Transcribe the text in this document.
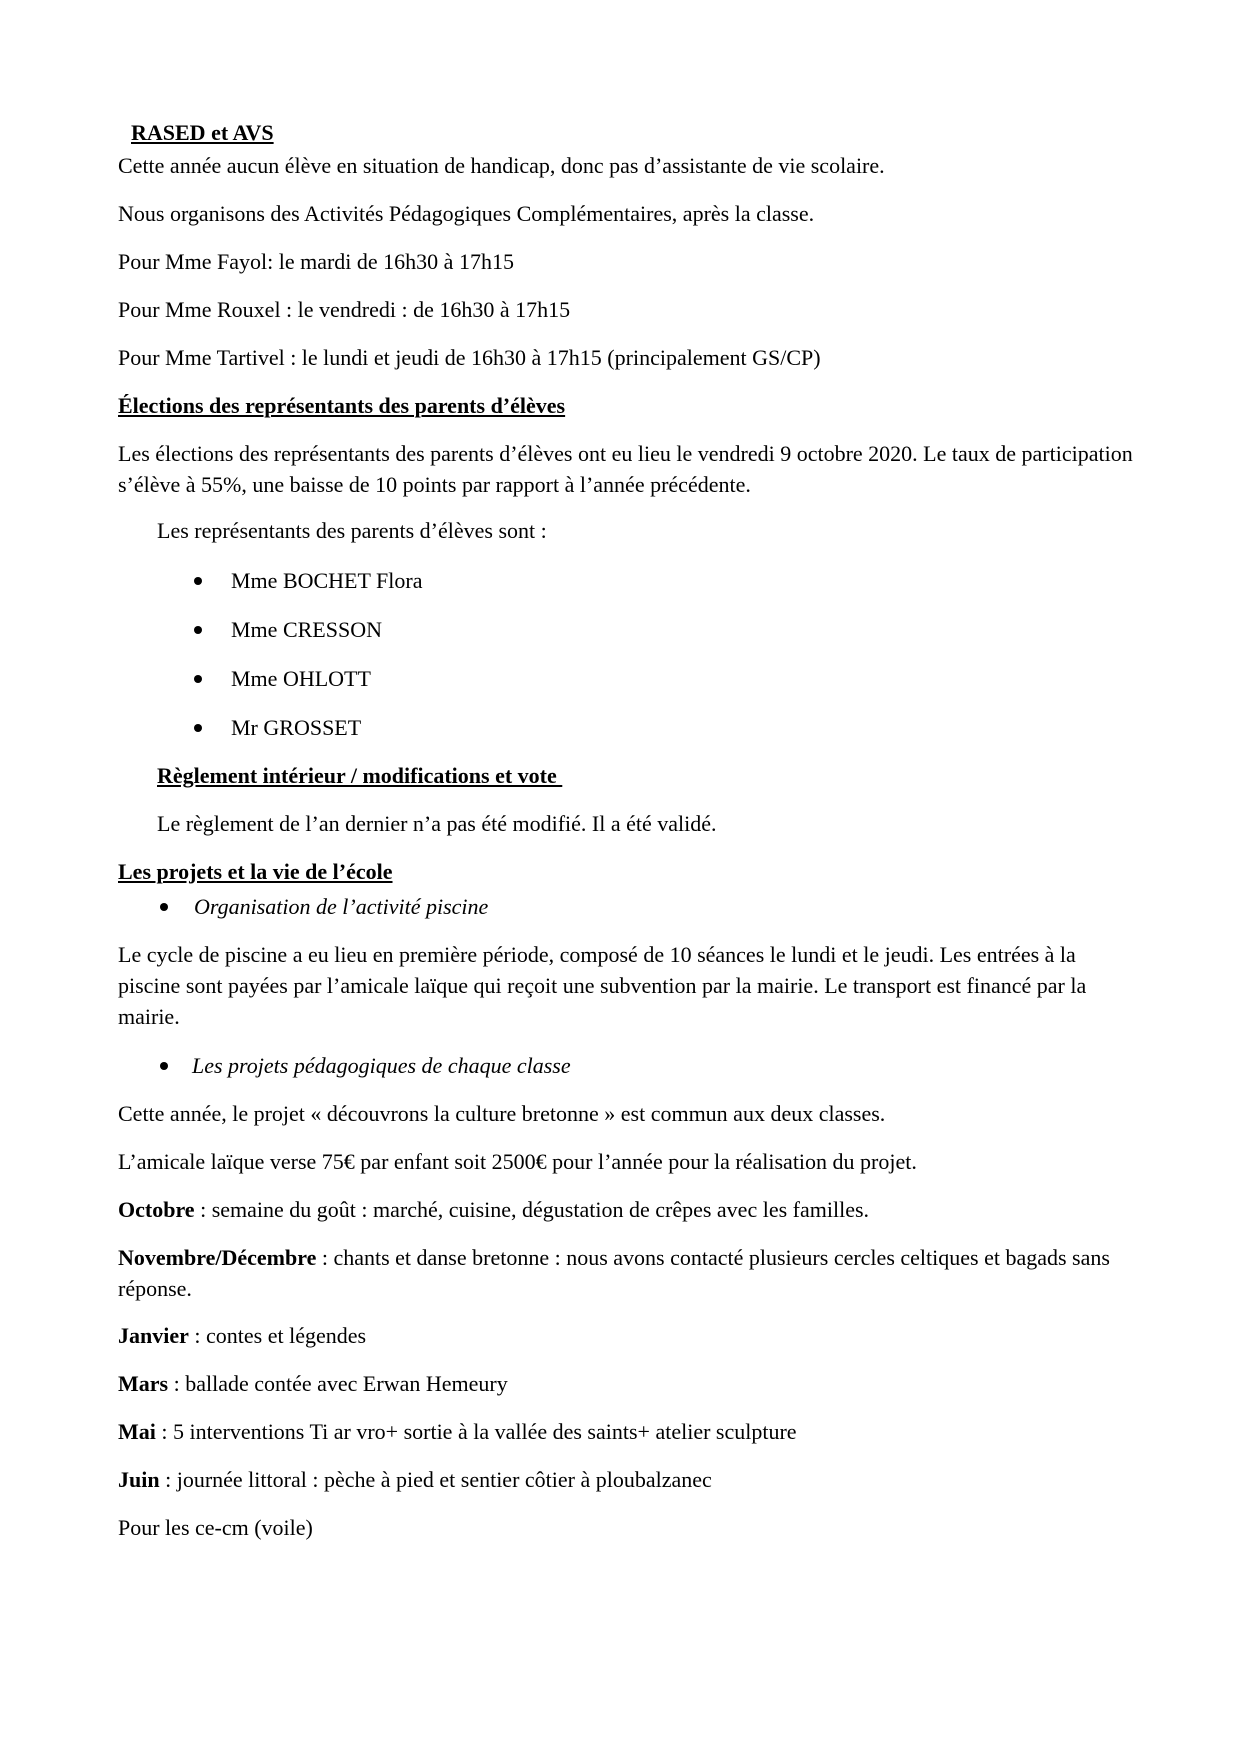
RASED et AVS

Cette année aucun élève en situation de handicap, donc pas d’assistante de vie scolaire.

Nous organisons des Activités Pédagogiques Complémentaires, après la classe.

Pour Mme Fayol: le mardi de 16h30 à 17h15

Pour Mme Rouxel : le vendredi : de 16h30 à 17h15

Pour Mme Tartivel : le lundi et jeudi de 16h30 à 17h15 (principalement GS/CP)

Élections des représentants des parents d’élèves

Les élections des représentants des parents d’élèves ont eu lieu le vendredi 9 octobre 2020. Le taux de participation s’élève à 55%, une baisse de 10 points par rapport à l’année précédente.

Les représentants des parents d’élèves sont :

Mme BOCHET Flora
Mme CRESSON
Mme OHLOTT
Mr GROSSET

Règlement intérieur / modifications et vote

Le règlement de l’an dernier n’a pas été modifié. Il a été validé.

Les projets et la vie de l’école

Organisation de l’activité piscine

Le cycle de piscine a eu lieu en première période, composé de 10 séances le lundi et le jeudi. Les entrées à la piscine sont payées par l’amicale laïque qui reçoit une subvention par la mairie. Le transport est financé par la mairie.

Les projets pédagogiques de chaque classe

Cette année, le projet « découvrons la culture bretonne » est commun aux deux classes.

L’amicale laïque verse 75€ par enfant soit 2500€ pour l’année pour la réalisation du projet.

Octobre : semaine du goût : marché, cuisine, dégustation de crêpes avec les familles.

Novembre/Décembre : chants et danse bretonne : nous avons contacté plusieurs cercles celtiques et bagads sans réponse.

Janvier : contes et légendes

Mars : ballade contée avec Erwan Hemeury

Mai : 5 interventions Ti ar vro+ sortie à la vallée des saints+ atelier sculpture

Juin : journée littoral : pèche à pied et sentier côtier à ploubalzanec

Pour les ce-cm (voile)
